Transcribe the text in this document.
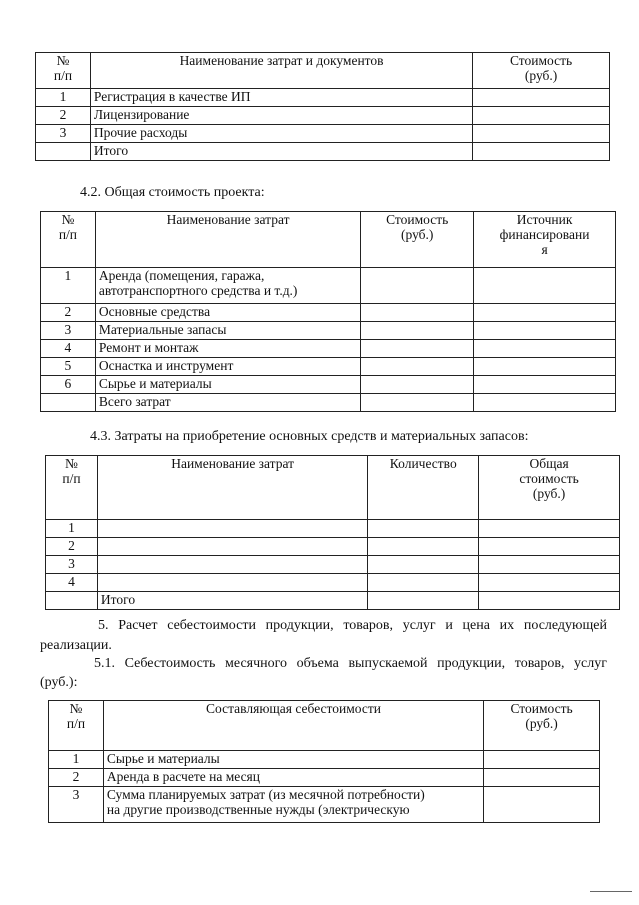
№
п/п	Наименование затрат и документов	Стоимость
(руб.)
1	Регистрация в качестве ИП	
2	Лицензирование	
3	Прочие расходы	
	Итого	
4.2. Общая стоимость проекта:
№
п/п	Наименование затрат	Стоимость
(руб.)	Источник
финансировани
я
1	Аренда (помещения, гаража,
автотранспортного средства и т.д.)		
2	Основные средства		
3	Материальные запасы		
4	Ремонт и монтаж		
5	Оснастка и инструмент		
6	Сырье и материалы		
	Всего затрат		
4.3. Затраты на приобретение основных средств и материальных запасов:
№
п/п	Наименование затрат	Количество	Общая
стоимость
(руб.)
1			
2			
3			
4			
	Итого		
5. Расчет себестоимости продукции, товаров, услуг и цена их последующей
реализации.
5.1. Себестоимость месячного объема выпускаемой продукции, товаров, услуг
(руб.):
№
п/п	Составляющая себестоимости	Стоимость
(руб.)
1	Сырье и материалы	
2	Аренда в расчете на месяц	
3	Сумма планируемых затрат (из месячной потребности)
на другие производственные нужды (электрическую	
